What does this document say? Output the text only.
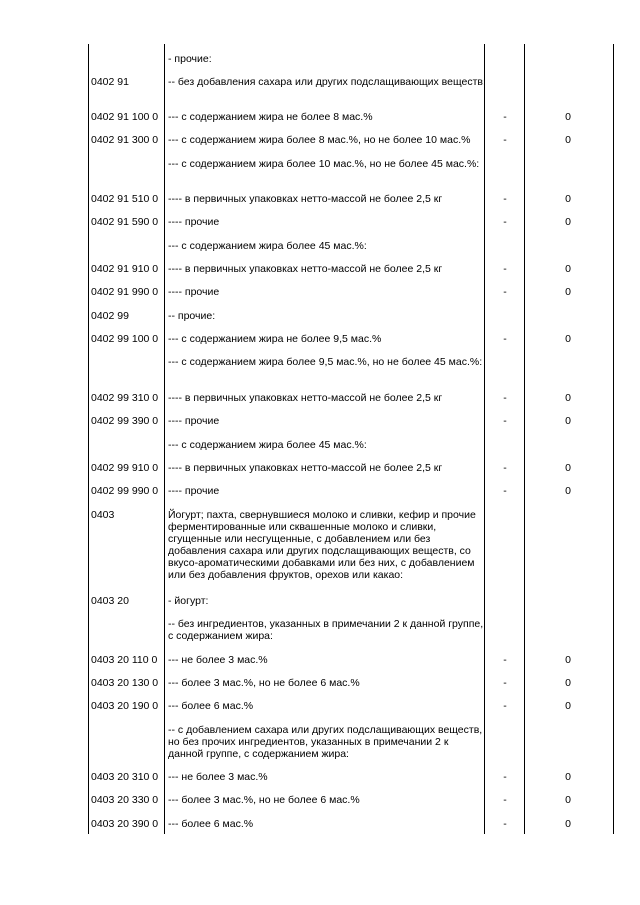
- прочие:
0402 91	-- без добавления сахара или других подслащивающих веществ:
0402 91 100 0 --- с содержанием жира не более 8 мас.%	-	0
0402 91 300 0 --- с содержанием жира более 8 мас.%, но не более 10 мас.%	-	0
--- с содержанием жира более 10 мас.%, но не более 45 мас.%:
0402 91 510 0 ---- в первичных упаковках нетто-массой не более 2,5 кг	-	0
0402 91 590 0 ---- прочие	-	0
--- с содержанием жира более 45 мас.%:
0402 91 910 0 ---- в первичных упаковках нетто-массой не более 2,5 кг	-	0
0402 91 990 0 ---- прочие	-	0
0402 99	-- прочие:
0402 99 100 0 --- с содержанием жира не более 9,5 мас.%	-	0
--- с содержанием жира более 9,5 мас.%, но не более 45 мас.%:
0402 99 310 0 ---- в первичных упаковках нетто-массой не более 2,5 кг	-	0
0402 99 390 0 ---- прочие	-	0
--- с содержанием жира более 45 мас.%:
0402 99 910 0 ---- в первичных упаковках нетто-массой не более 2,5 кг	-	0
0402 99 990 0 ---- прочие	-	0
0403	Йогурт; пахта, свернувшиеся молоко и сливки, кефир и прочие ферментированные или сквашенные молоко и сливки, сгущенные или несгущенные, с добавлением или без добавления сахара или других подслащивающих веществ, со вкусо-ароматическими добавками или без них, с добавлением или без добавления фруктов, орехов или какао:
0403 20	- йогурт:
-- без ингредиентов, указанных в примечании 2 к данной группе, с содержанием жира:
0403 20 110 0	--- не более 3 мас.%	-	0
0403 20 130 0 --- более 3 мас.%, но не более 6 мас.%	-	0
0403 20 190 0 --- более 6 мас.%	-	0
-- с добавлением сахара или других подслащивающих веществ, но без прочих ингредиентов, указанных в примечании 2 к данной группе, с содержанием жира:
0403 20 310 0 --- не более 3 мас.%	-	0
0403 20 330 0 --- более 3 мас.%, но не более 6 мас.%	-	0
0403 20 390 0 --- более 6 мас.%	-	0
